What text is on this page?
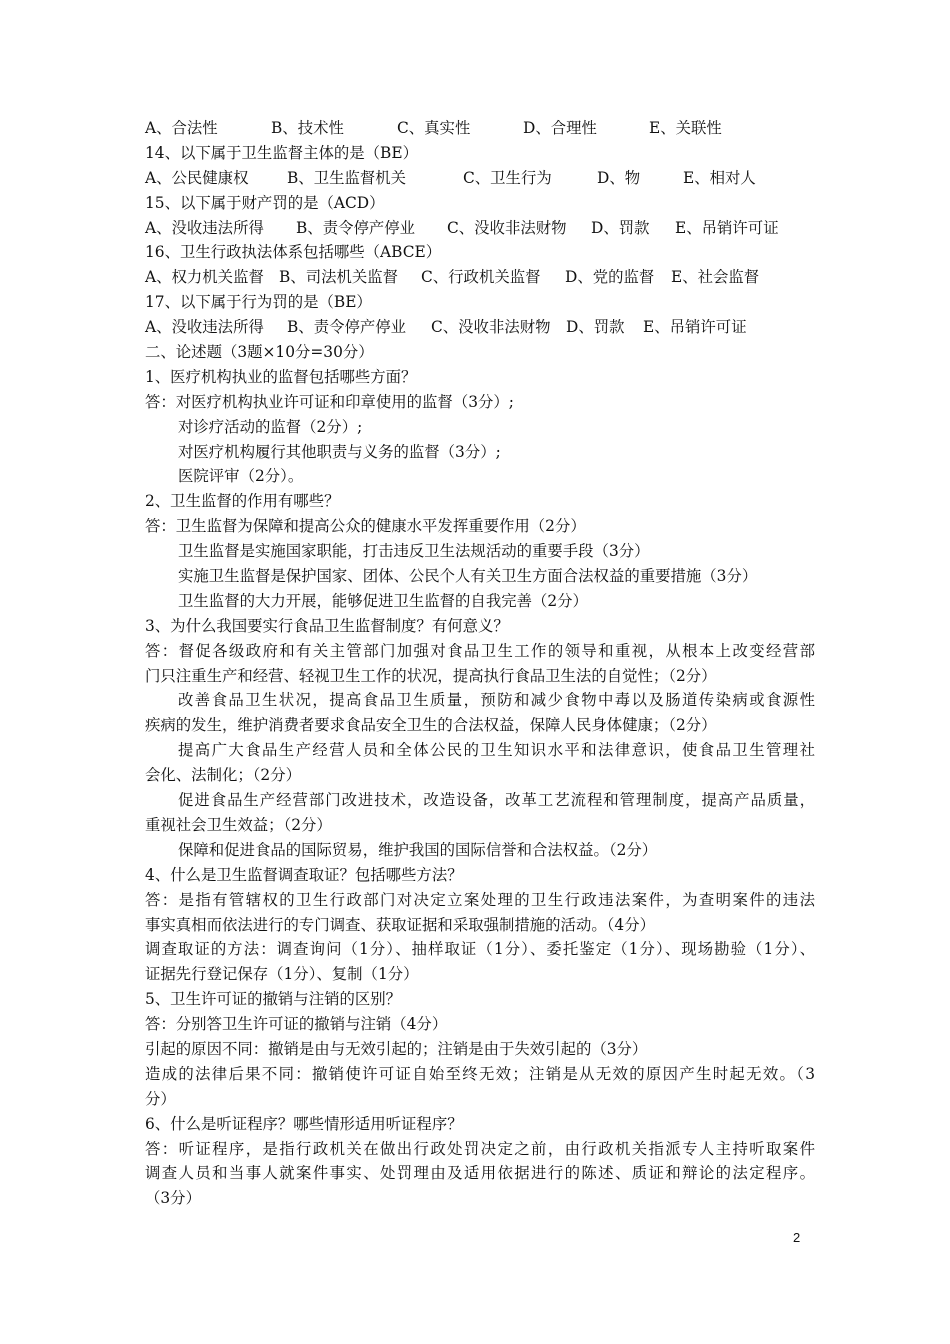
A、合法性	B、技术性	C、真实性	D、合理性	E、关联性
14、以下属于卫生监督主体的是（BE）
A、公民健康权	B、卫生监督机关	C、卫生行为	D、物	E、相对人
15、以下属于财产罚的是（ACD）
A、没收违法所得	B、责令停产停业	C、没收非法财物	D、罚款	E、吊销许可证
16、卫生行政执法体系包括哪些（ABCE）
A、权力机关监督 B、司法机关监督	C、行政机关监督	D、党的监督	E、社会监督
17、以下属于行为罚的是（BE）
A、没收违法所得	B、责令停产停业	C、没收非法财物	D、罚款	E、吊销许可证
二、论述题（3题×10分=30分）
1、医疗机构执业的监督包括哪些方面？
答：对医疗机构执业许可证和印章使用的监督（3分）;
对诊疗活动的监督（2分）;
对医疗机构履行其他职责与义务的监督（3分）;
医院评审（2分）。
2、卫生监督的作用有哪些？
答：卫生监督为保障和提高公众的健康水平发挥重要作用（2分）
卫生监督是实施国家职能，打击违反卫生法规活动的重要手段（3分）
实施卫生监督是保护国家、团体、公民个人有关卫生方面合法权益的重要措施（3分）
卫生监督的大力开展，能够促进卫生监督的自我完善（2分）
3、为什么我国要实行食品卫生监督制度？有何意义？
答：督促各级政府和有关主管部门加强对食品卫生工作的领导和重视，从根本上改变经营部
门只注重生产和经营、轻视卫生工作的状况，提高执行食品卫生法的自觉性；（2分）
改善食品卫生状况，提高食品卫生质量，预防和减少食物中毒以及肠道传染病或食源性
疾病的发生，维护消费者要求食品安全卫生的合法权益，保障人民身体健康；（2分）
提高广大食品生产经营人员和全体公民的卫生知识水平和法律意识，使食品卫生管理社
会化、法制化；（2分）
促进食品生产经营部门改进技术，改造设备，改革工艺流程和管理制度，提高产品质量，
重视社会卫生效益；（2分）
保障和促进食品的国际贸易，维护我国的国际信誉和合法权益。（2分）
4、什么是卫生监督调查取证？包括哪些方法？
答：是指有管辖权的卫生行政部门对决定立案处理的卫生行政违法案件，为查明案件的违法
事实真相而依法进行的专门调查、获取证据和采取强制措施的活动。（4分）
调查取证的方法：调查询问（1分）、抽样取证（1分）、委托鉴定（1分）、现场勘验（1分）、
证据先行登记保存（1分）、复制（1分）
5、卫生许可证的撤销与注销的区别？
答：分别答卫生许可证的撤销与注销（4分）
引起的原因不同：撤销是由与无效引起的；注销是由于失效引起的（3分）
造成的法律后果不同：撤销使许可证自始至终无效；注销是从无效的原因产生时起无效。（3
分）
6、什么是听证程序？哪些情形适用听证程序？
答：听证程序，是指行政机关在做出行政处罚决定之前，由行政机关指派专人主持听取案件
调查人员和当事人就案件事实、处罚理由及适用依据进行的陈述、质证和辩论的法定程序。
（3分）
2
